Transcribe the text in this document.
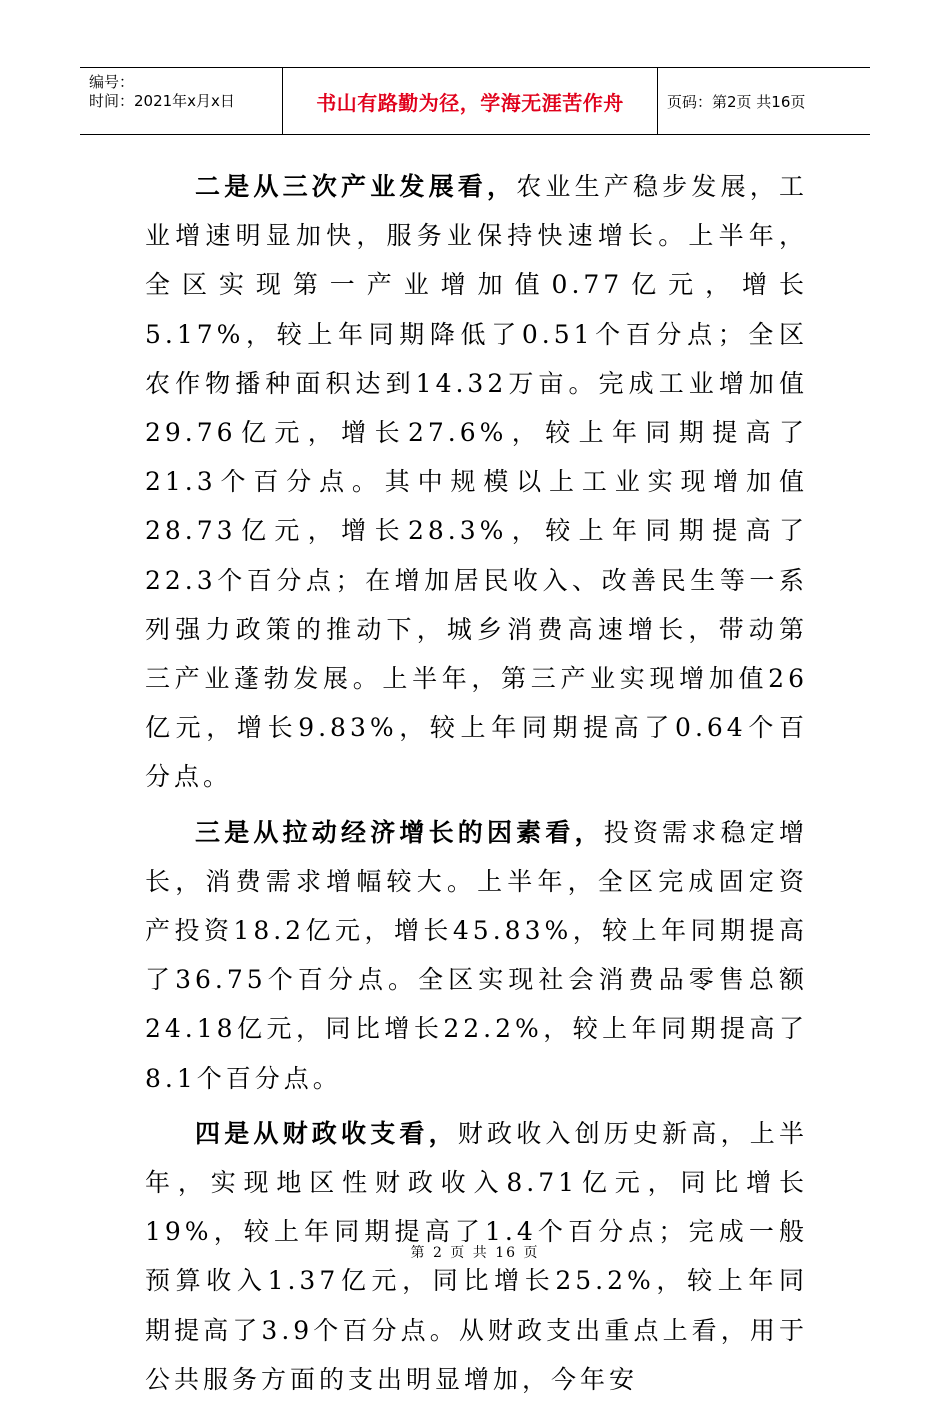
编号：
时间：2021年x月x日	书山有路勤为径，学海无涯苦作舟	页码：第2页 共16页

二是从三次产业发展看，农业生产稳步发展，工业增速明显加快，服务业保持快速增长。上半年，全区实现第一产业增加值0.77亿元，增长5.17%，较上年同期降低了0.51个百分点；全区农作物播种面积达到14.32万亩。完成工业增加值29.76亿元，增长27.6%，较上年同期提高了21.3个百分点。其中规模以上工业实现增加值28.73亿元，增长28.3%，较上年同期提高了22.3个百分点；在增加居民收入、改善民生等一系列强力政策的推动下，城乡消费高速增长，带动第三产业蓬勃发展。上半年，第三产业实现增加值26亿元，增长9.83%，较上年同期提高了0.64个百分点。

三是从拉动经济增长的因素看，投资需求稳定增长，消费需求增幅较大。上半年，全区完成固定资产投资18.2亿元，增长45.83%，较上年同期提高了36.75个百分点。全区实现社会消费品零售总额24.18亿元，同比增长22.2%，较上年同期提高了8.1个百分点。

四是从财政收支看，财政收入创历史新高，上半年，实现地区性财政收入8.71亿元，同比增长19%，较上年同期提高了1.4个百分点；完成一般预算收入1.37亿元，同比增长25.2%，较上年同期提高了3.9个百分点。从财政支出重点上看，用于公共服务方面的支出明显增加，今年安

第 2 页 共 16 页
